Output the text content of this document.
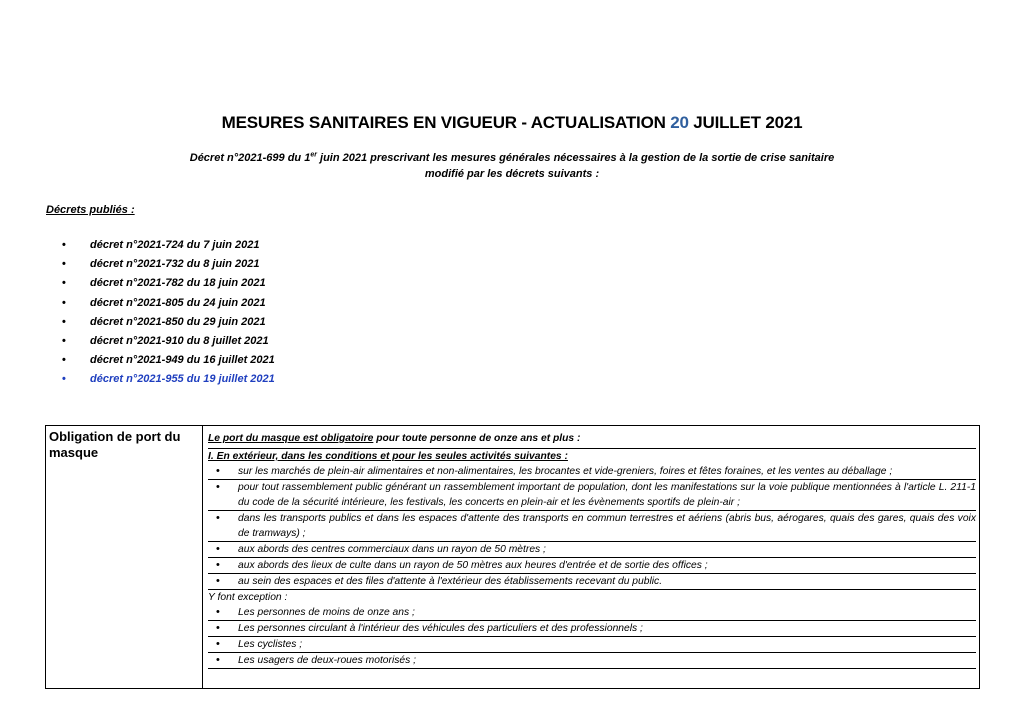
MESURES SANITAIRES EN VIGUEUR - ACTUALISATION 20 JUILLET 2021
Décret n°2021-699 du 1er juin 2021 prescrivant les mesures générales nécessaires à la gestion de la sortie de crise sanitaire
modifié par les décrets suivants :
Décrets publiés :
• décret n°2021-724 du 7 juin 2021
• décret n°2021-732 du 8 juin 2021
• décret n°2021-782 du 18 juin 2021
• décret n°2021-805 du 24 juin 2021
• décret n°2021-850 du 29 juin 2021
• décret n°2021-910 du 8 juillet 2021
• décret n°2021-949 du 16 juillet 2021
• décret n°2021-955 du 19 juillet 2021
Obligation de port du masque
Le port du masque est obligatoire pour toute personne de onze ans et plus :
I. En extérieur, dans les conditions et pour les seules activités suivantes :
• sur les marchés de plein-air alimentaires et non-alimentaires, les brocantes et vide-greniers, foires et fêtes foraines, et les ventes au déballage ;
• pour tout rassemblement public générant un rassemblement important de population, dont les manifestations sur la voie publique mentionnées à l'article L. 211-1 du code de la sécurité intérieure, les festivals, les concerts en plein-air et les évènements sportifs de plein-air ;
• dans les transports publics et dans les espaces d'attente des transports en commun terrestres et aériens (abris bus, aérogares, quais des gares, quais des voix de tramways) ;
• aux abords des centres commerciaux dans un rayon de 50 mètres ;
• aux abords des lieux de culte dans un rayon de 50 mètres aux heures d'entrée et de sortie des offices ;
• au sein des espaces et des files d'attente à l'extérieur des établissements recevant du public.
Y font exception :
• Les personnes de moins de onze ans ;
• Les personnes circulant à l'intérieur des véhicules des particuliers et des professionnels ;
• Les cyclistes ;
• Les usagers de deux-roues motorisés ;
